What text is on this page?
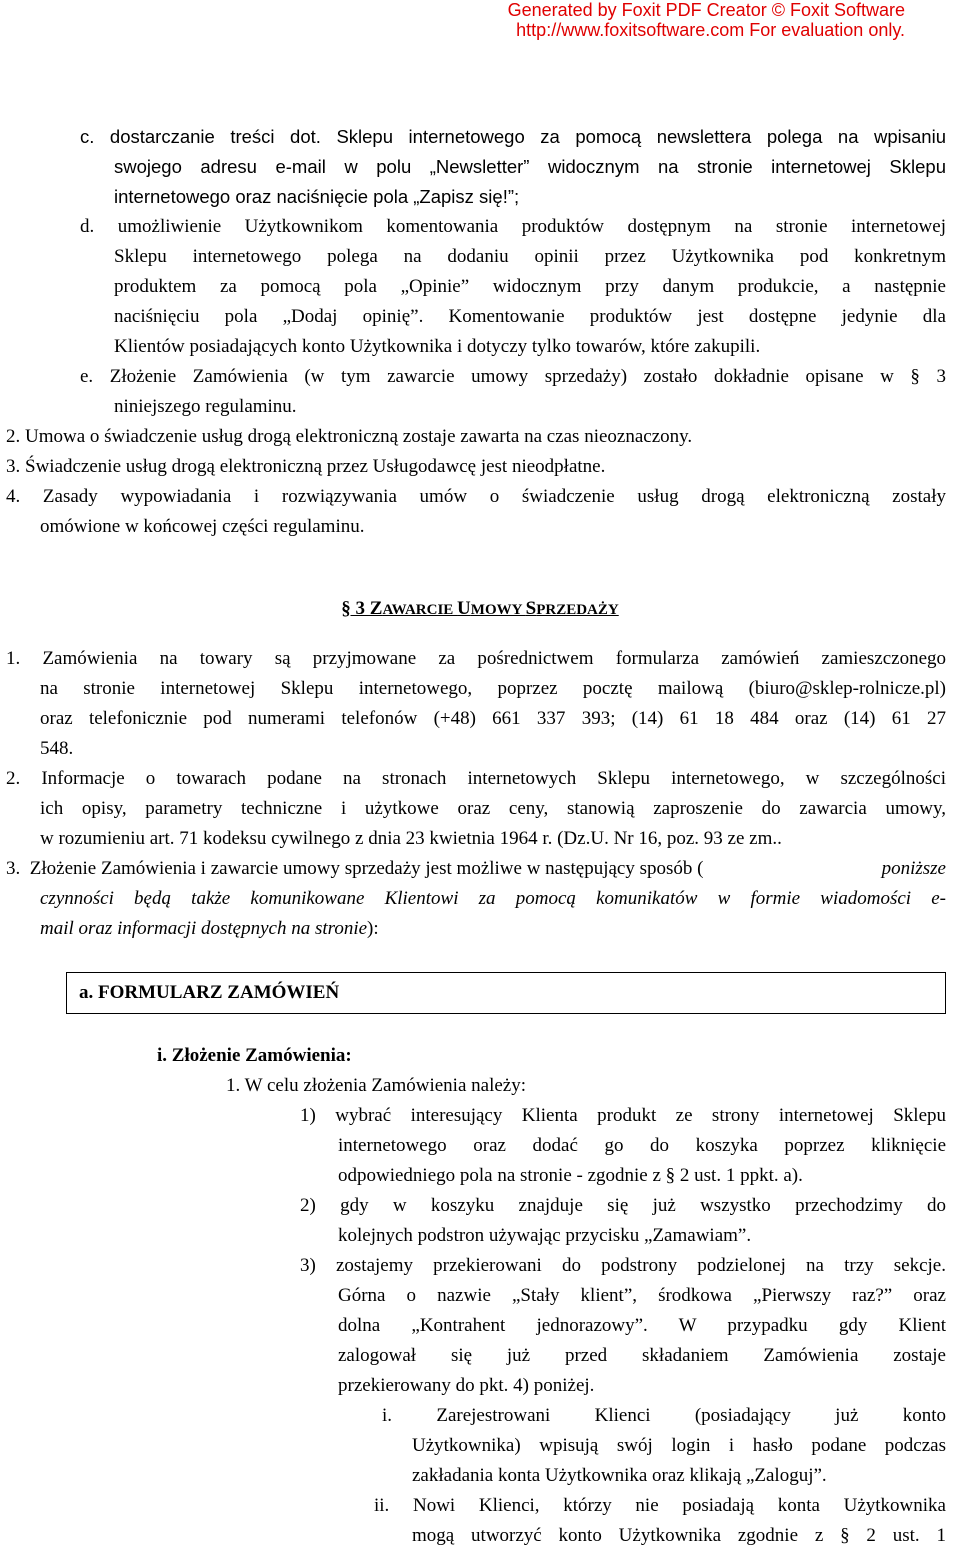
Generated by Foxit PDF Creator © Foxit Software
http://www.foxitsoftware.com For evaluation only.
c. dostarczanie treści dot. Sklepu internetowego za pomocą newslettera polega na wpisaniu
swojego adresu e-mail w polu „Newsletter” widocznym na stronie internetowej Sklepu
internetowego oraz naciśnięcie pola „Zapisz się!”;
d. umożliwienie Użytkownikom komentowania produktów dostępnym na stronie internetowej
Sklepu internetowego polega na dodaniu opinii przez Użytkownika pod konkretnym
produktem za pomocą pola „Opinie” widocznym przy danym produkcie, a następnie
naciśnięciu pola „Dodaj opinię”. Komentowanie produktów jest dostępne jedynie dla
Klientów posiadających konto Użytkownika i dotyczy tylko towarów, które zakupili.
e. Złożenie Zamówienia (w tym zawarcie umowy sprzedaży) zostało dokładnie opisane w § 3
niniejszego regulaminu.
2. Umowa o świadczenie usług drogą elektroniczną zostaje zawarta na czas nieoznaczony.
3. Świadczenie usług drogą elektroniczną przez Usługodawcę jest nieodpłatne.
4. Zasady wypowiadania i rozwiązywania umów o świadczenie usług drogą elektroniczną zostały
omówione w końcowej części regulaminu.
§ 3 ZAWARCIE UMOWY SPRZEDAŻY
1. Zamówienia na towary są przyjmowane za pośrednictwem formularza zamówień zamieszczonego
na stronie internetowej Sklepu internetowego, poprzez pocztę mailową (biuro@sklep-rolnicze.pl)
oraz telefonicznie pod numerami telefonów (+48) 661 337 393; (14) 61 18 484 oraz (14) 61 27
548.
2. Informacje o towarach podane na stronach internetowych Sklepu internetowego, w szczególności
ich opisy, parametry techniczne i użytkowe oraz ceny, stanowią zaproszenie do zawarcia umowy,
w rozumieniu art. 71 kodeksu cywilnego z dnia 23 kwietnia 1964 r. (Dz.U. Nr 16, poz. 93 ze zm..
3.  Złożenie Zamówienia i zawarcie umowy sprzedaży jest możliwe w następujący sposób (	poniższe
czynności będą także komunikowane Klientowi za pomocą komunikatów w formie wiadomości e-
mail oraz informacji dostępnych na stronie):
a. FORMULARZ ZAMÓWIEŃ
i. Złożenie Zamówienia:
1. W celu złożenia Zamówienia należy:
1) wybrać interesujący Klienta produkt ze strony internetowej Sklepu
internetowego oraz dodać go do koszyka poprzez kliknięcie
odpowiedniego pola na stronie - zgodnie z § 2 ust. 1 ppkt. a).
2) gdy w koszyku znajduje się już wszystko przechodzimy do
kolejnych podstron używając przycisku „Zamawiam”.
3) zostajemy przekierowani do podstrony podzielonej na trzy sekcje.
Górna o nazwie „Stały klient”, środkowa „Pierwszy raz?” oraz
dolna „Kontrahent jednorazowy”. W przypadku gdy Klient
zalogował się już przed składaniem Zamówienia zostaje
przekierowany do pkt. 4) poniżej.
i. Zarejestrowani Klienci (posiadający już konto
Użytkownika) wpisują swój login i hasło podane podczas
zakładania konta Użytkownika oraz klikają „Zaloguj”.
ii. Nowi Klienci, którzy nie posiadają konta Użytkownika
mogą utworzyć konto Użytkownika zgodnie z § 2 ust. 1
